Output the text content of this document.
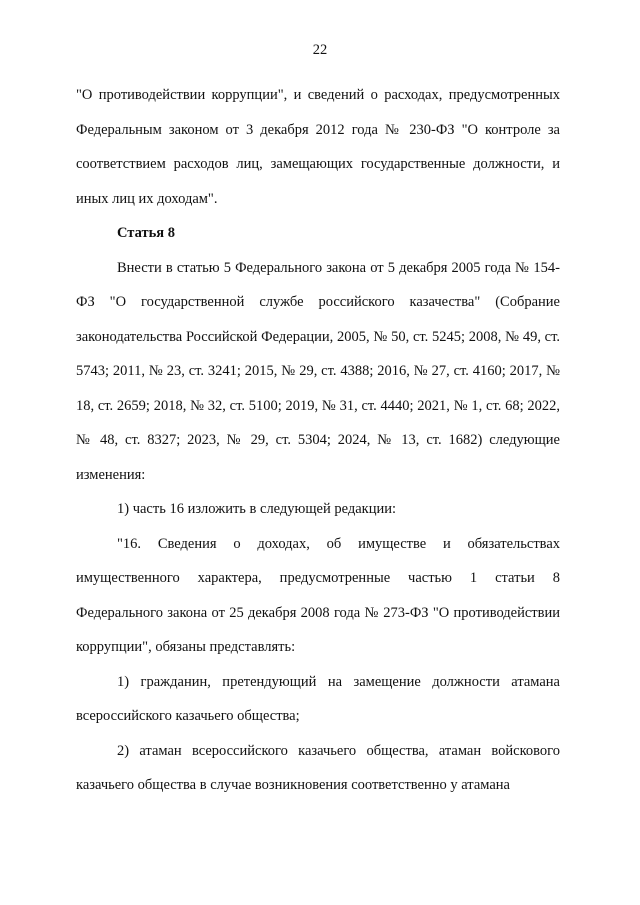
22

"О противодействии коррупции", и сведений о расходах, предусмотренных Федеральным законом от 3 декабря 2012 года № 230-ФЗ "О контроле за соответствием расходов лиц, замещающих государственные должности, и иных лиц их доходам".

Статья 8

Внести в статью 5 Федерального закона от 5 декабря 2005 года № 154-ФЗ "О государственной службе российского казачества" (Собрание законодательства Российской Федерации, 2005, № 50, ст. 5245; 2008, № 49, ст. 5743; 2011, № 23, ст. 3241; 2015, № 29, ст. 4388; 2016, № 27, ст. 4160; 2017, № 18, ст. 2659; 2018, № 32, ст. 5100; 2019, № 31, ст. 4440; 2021, № 1, ст. 68; 2022, № 48, ст. 8327; 2023, № 29, ст. 5304; 2024, № 13, ст. 1682) следующие изменения:

1) часть 16 изложить в следующей редакции:

"16. Сведения о доходах, об имуществе и обязательствах имущественного характера, предусмотренные частью 1 статьи 8 Федерального закона от 25 декабря 2008 года № 273-ФЗ "О противодействии коррупции", обязаны представлять:

1) гражданин, претендующий на замещение должности атамана всероссийского казачьего общества;

2) атаман всероссийского казачьего общества, атаман войскового казачьего общества в случае возникновения соответственно у атамана
